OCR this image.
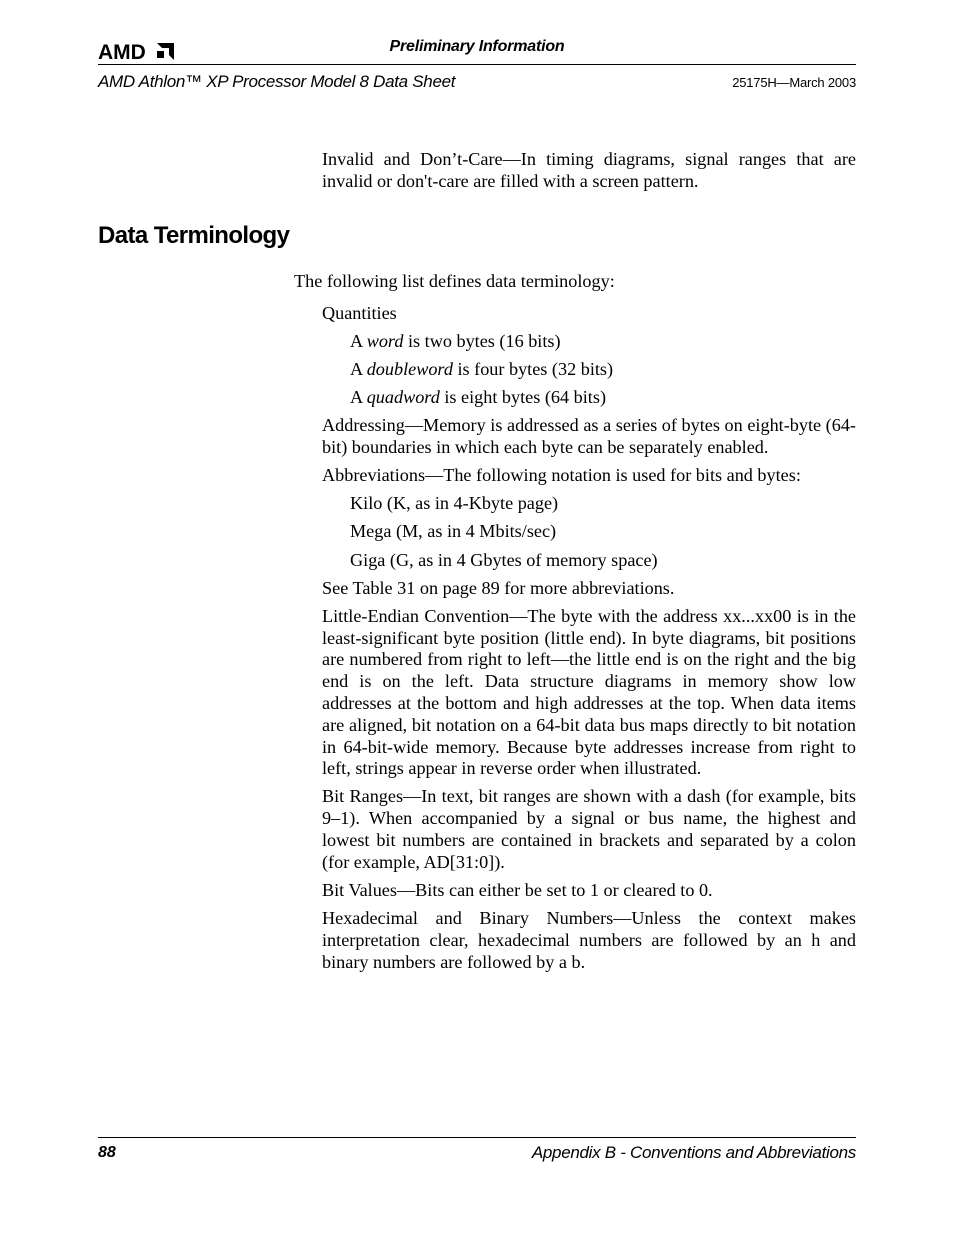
AMD	Preliminary Information
AMD Athlon™ XP Processor Model 8 Data Sheet	25175H—March 2003

Invalid and Don’t-Care—In timing diagrams, signal ranges that are invalid or don't-care are filled with a screen pattern.

Data Terminology

The following list defines data terminology:

Quantities

A word is two bytes (16 bits)

A doubleword is four bytes (32 bits)

A quadword is eight bytes (64 bits)

Addressing—Memory is addressed as a series of bytes on eight-byte (64-bit) boundaries in which each byte can be separately enabled.

Abbreviations—The following notation is used for bits and bytes:

Kilo (K, as in 4-Kbyte page)

Mega (M, as in 4 Mbits/sec)

Giga (G, as in 4 Gbytes of memory space)

See Table 31 on page 89 for more abbreviations.

Little-Endian Convention—The byte with the address xx...xx00 is in the least-significant byte position (little end). In byte diagrams, bit positions are numbered from right to left—the little end is on the right and the big end is on the left. Data structure diagrams in memory show low addresses at the bottom and high addresses at the top. When data items are aligned, bit notation on a 64-bit data bus maps directly to bit notation in 64-bit-wide memory. Because byte addresses increase from right to left, strings appear in reverse order when illustrated.

Bit Ranges—In text, bit ranges are shown with a dash (for example, bits 9–1). When accompanied by a signal or bus name, the highest and lowest bit numbers are contained in brackets and separated by a colon (for example, AD[31:0]).

Bit Values—Bits can either be set to 1 or cleared to 0.

Hexadecimal and Binary Numbers—Unless the context makes interpretation clear, hexadecimal numbers are followed by an h and binary numbers are followed by a b.

88	Appendix B - Conventions and Abbreviations
